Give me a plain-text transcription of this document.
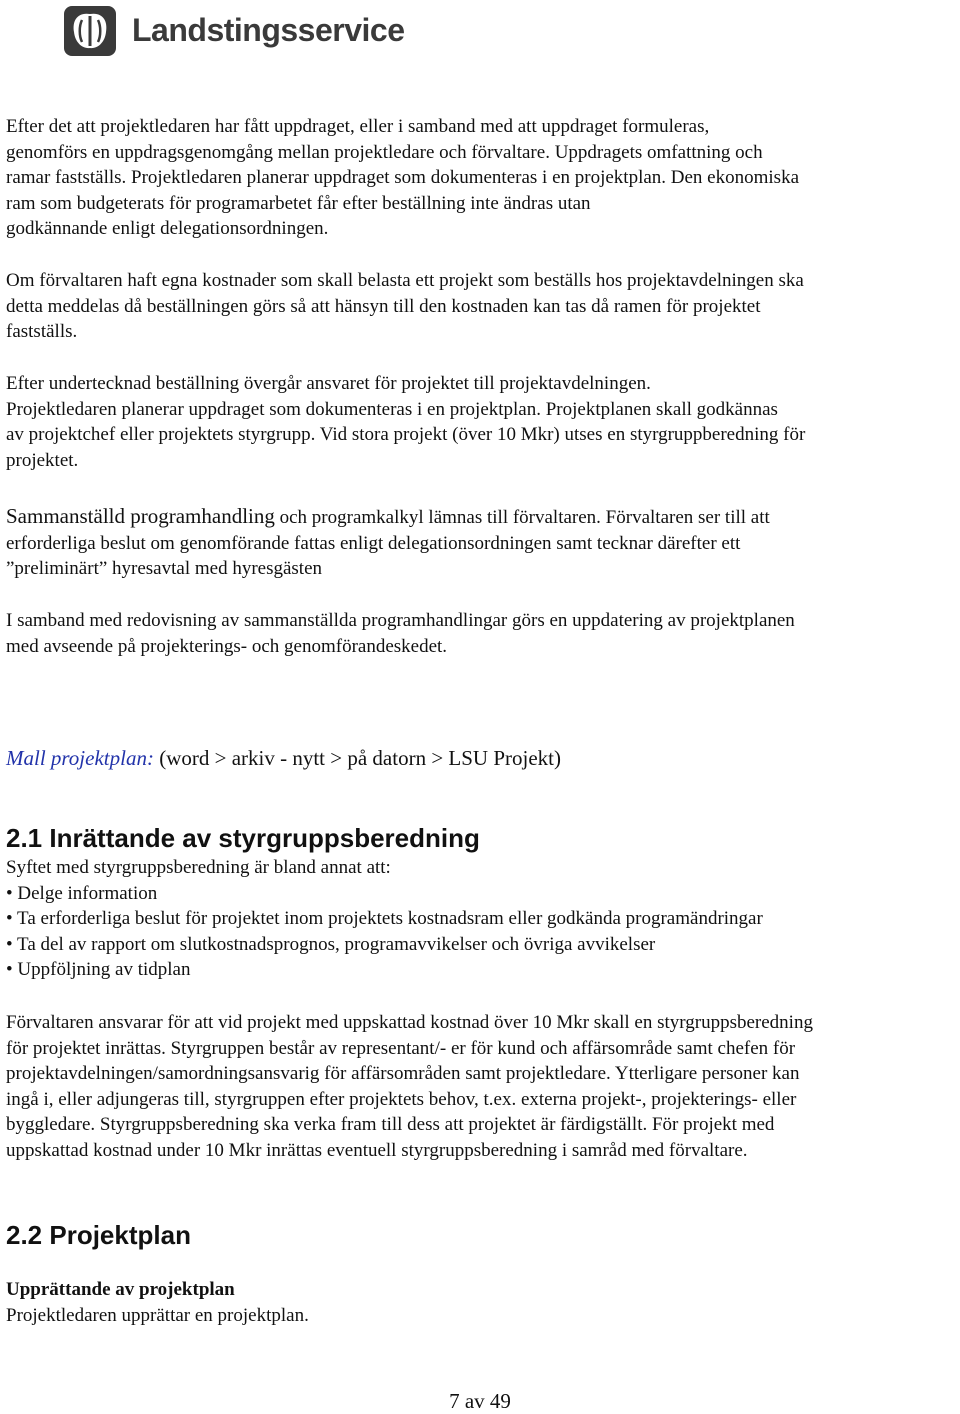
Landstingsservice

Efter det att projektledaren har fått uppdraget, eller i samband med att uppdraget formuleras,
genomförs en uppdragsgenomgång mellan projektledare och förvaltare. Uppdragets omfattning och
ramar fastställs. Projektledaren planerar uppdraget som dokumenteras i en projektplan. Den ekonomiska
ram som budgeterats för programarbetet får efter beställning inte ändras utan
godkännande enligt delegationsordningen.

Om förvaltaren haft egna kostnader som skall belasta ett projekt som beställs hos projektavdelningen ska
detta meddelas då beställningen görs så att hänsyn till den kostnaden kan tas då ramen för projektet
fastställs.

Efter undertecknad beställning övergår ansvaret för projektet till projektavdelningen.
Projektledaren planerar uppdraget som dokumenteras i en projektplan. Projektplanen skall godkännas
av projektchef eller projektets styrgrupp. Vid stora projekt (över 10 Mkr) utses en styrgruppberedning för
projektet.

Sammanställd programhandling och programkalkyl lämnas till förvaltaren. Förvaltaren ser till att
erforderliga beslut om genomförande fattas enligt delegationsordningen samt tecknar därefter ett
”preliminärt” hyresavtal med hyresgästen

I samband med redovisning av sammanställda programhandlingar görs en uppdatering av projektplanen
med avseende på projekterings- och genomförandeskedet.

Mall projektplan: (word > arkiv - nytt > på datorn > LSU Projekt)
2.1 Inrättande av styrgruppsberedning

Syftet med styrgruppsberedning är bland annat att:
• Delge information
• Ta erforderliga beslut för projektet inom projektets kostnadsram eller godkända programändringar
• Ta del av rapport om slutkostnadsprognos, programavvikelser och övriga avvikelser
• Uppföljning av tidplan

Förvaltaren ansvarar för att vid projekt med uppskattad kostnad över 10 Mkr skall en styrgruppsberedning
för projektet inrättas. Styrgruppen består av representant/- er för kund och affärsområde samt chefen för
projektavdelningen/samordningsansvarig för affärsområden samt projektledare. Ytterligare personer kan
ingå i, eller adjungeras till, styrgruppen efter projektets behov, t.ex. externa projekt-, projekterings- eller
byggledare. Styrgruppsberedning ska verka fram till dess att projektet är färdigställt. För projekt med
uppskattad kostnad under 10 Mkr inrättas eventuell styrgruppsberedning i samråd med förvaltare.

2.2 Projektplan

Upprättande av projektplan
Projektledaren upprättar en projektplan.

7 av 49
